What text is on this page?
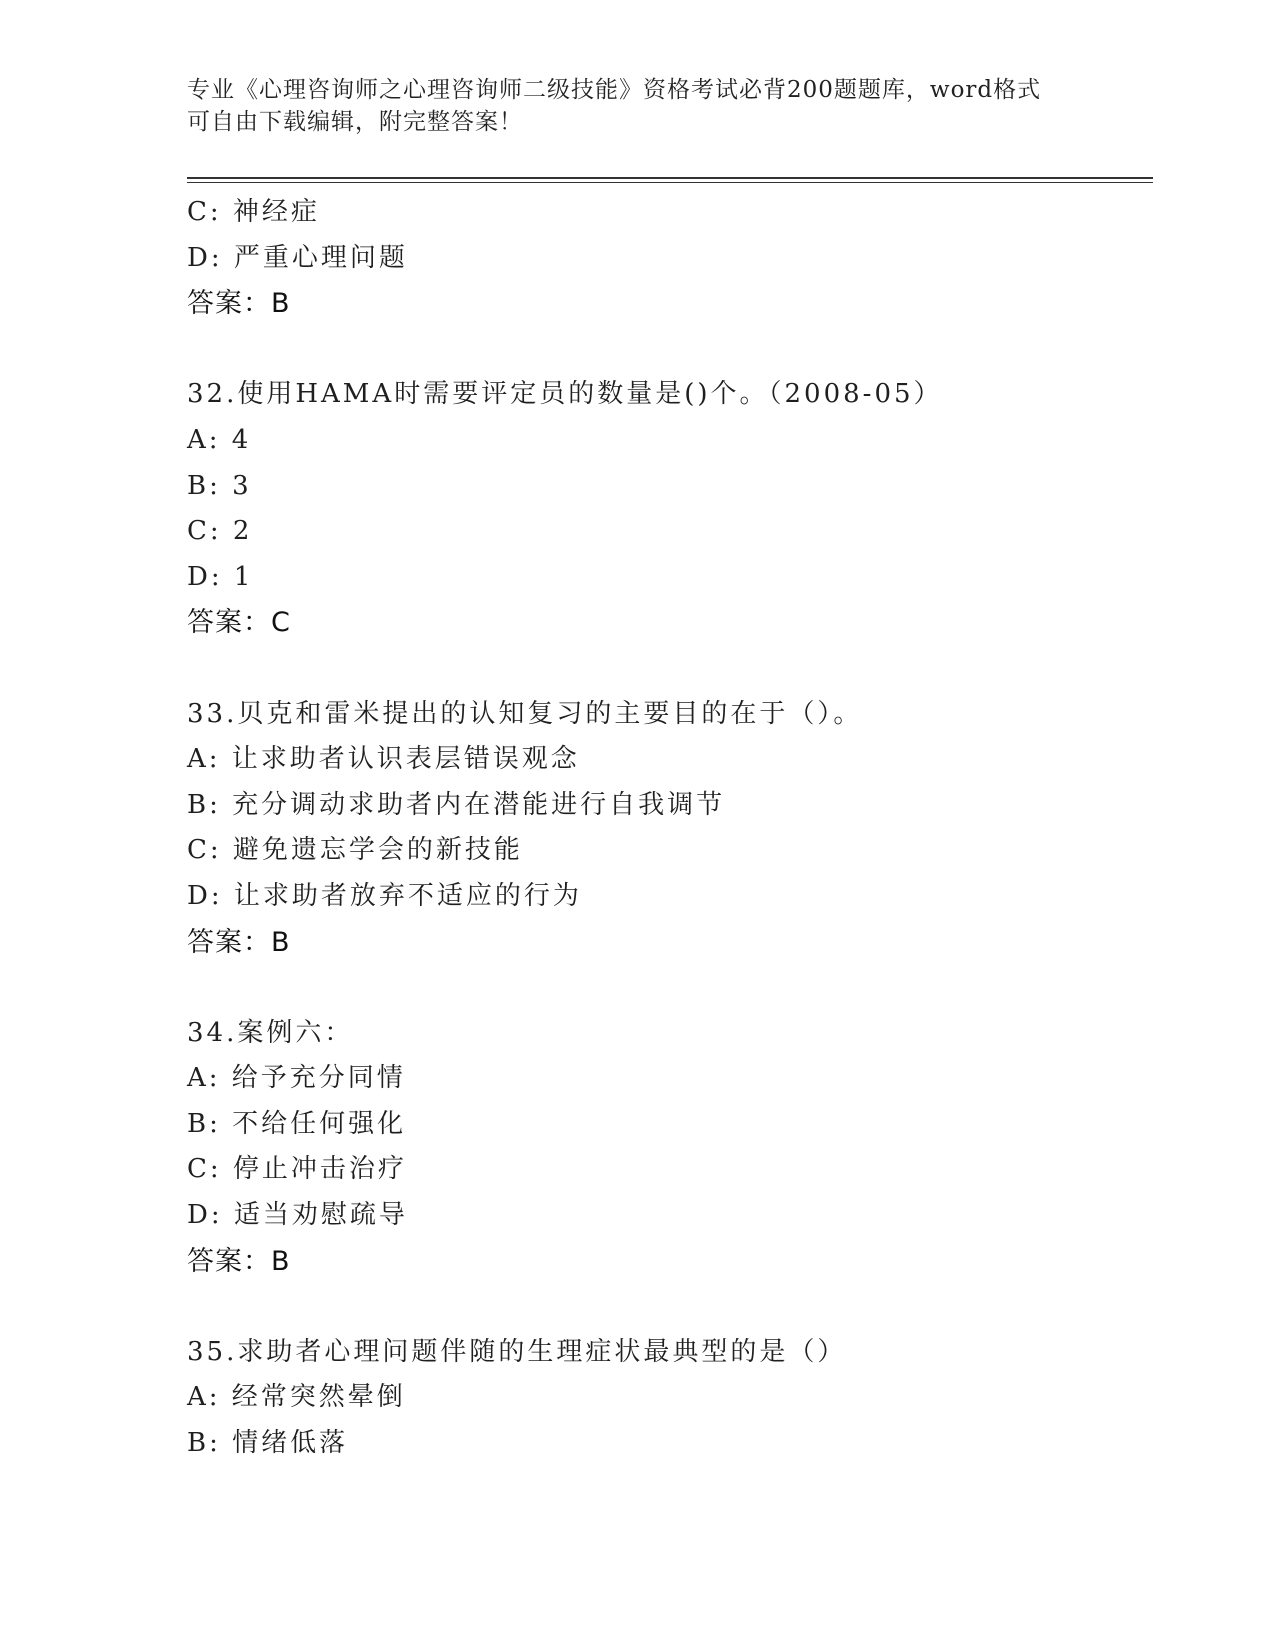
专业《心理咨询师之心理咨询师二级技能》资格考试必背200题题库，word格式
可自由下载编辑，附完整答案！
C: 神经症
D: 严重心理问题
答案：B
32.使用HAMA时需要评定员的数量是()个。（2008-05）
A: 4
B: 3
C: 2
D: 1
答案：C
33.贝克和雷米提出的认知复习的主要目的在于（）。
A: 让求助者认识表层错误观念
B: 充分调动求助者内在潜能进行自我调节
C: 避免遗忘学会的新技能
D: 让求助者放弃不适应的行为
答案：B
34.案例六：
A: 给予充分同情
B: 不给任何强化
C: 停止冲击治疗
D: 适当劝慰疏导
答案：B
35.求助者心理问题伴随的生理症状最典型的是（）
A: 经常突然晕倒
B: 情绪低落
